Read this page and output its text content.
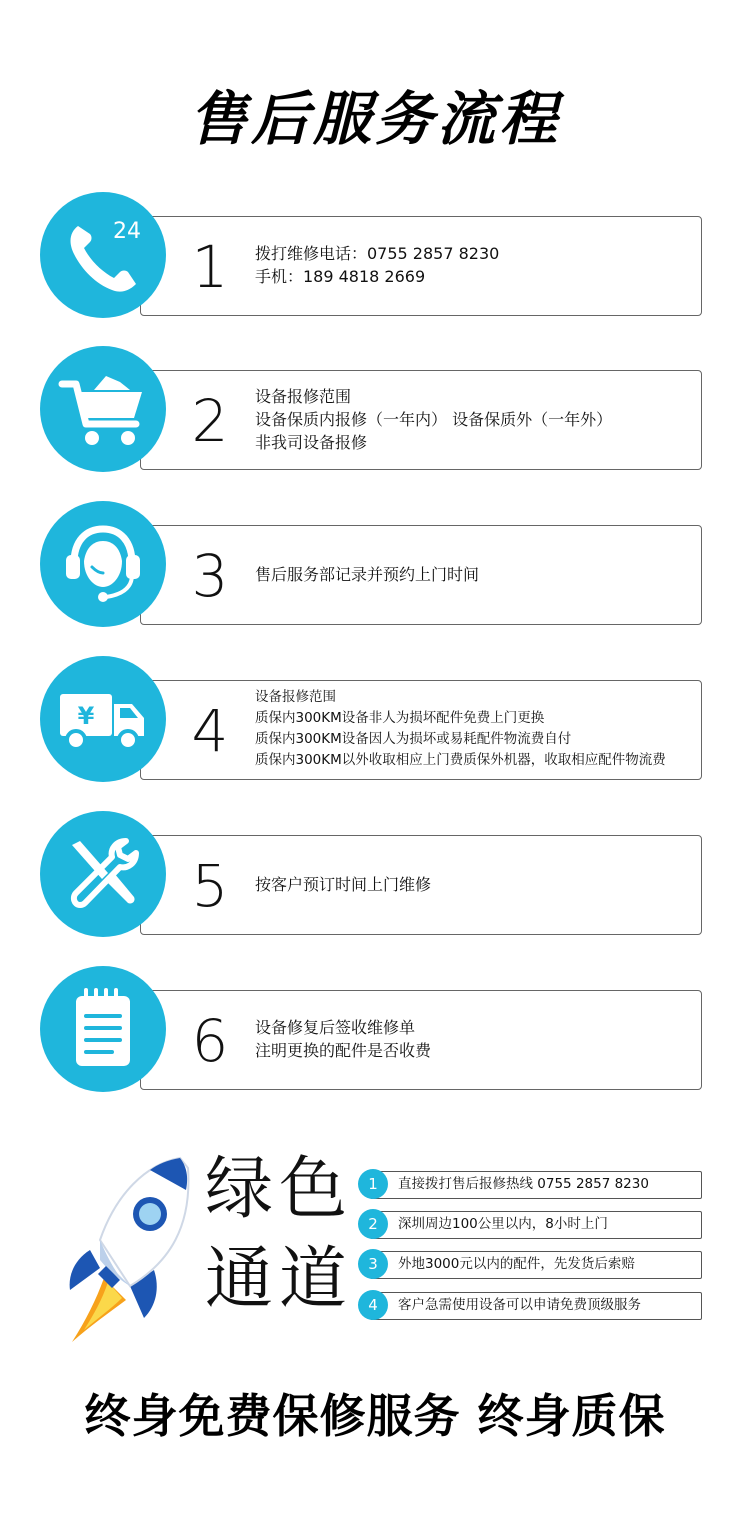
售后服务流程
24
1 拨打维修电话：0755 2857 8230
手机：189 4818 2669
2 设备报修范围
设备保质内报修（一年内） 设备保质外（一年外）
非我司设备报修
3 售后服务部记录并预约上门时间
¥ 4 设备报修范围
质保内300KM设备非人为损坏配件免费上门更换
质保内300KM设备因人为损坏或易耗配件物流费自付
质保内300KM以外收取相应上门费质保外机器，收取相应配件物流费
5 按客户预订时间上门维修
6 设备修复后签收维修单
注明更换的配件是否收费
绿色
通道
1	直接拨打售后报修热线 0755 2857 8230
2	深圳周边100公里以内，8小时上门
3	外地3000元以内的配件，先发货后索赔
4	客户急需使用设备可以申请免费顶级服务
终身免费保修服务 终身质保
